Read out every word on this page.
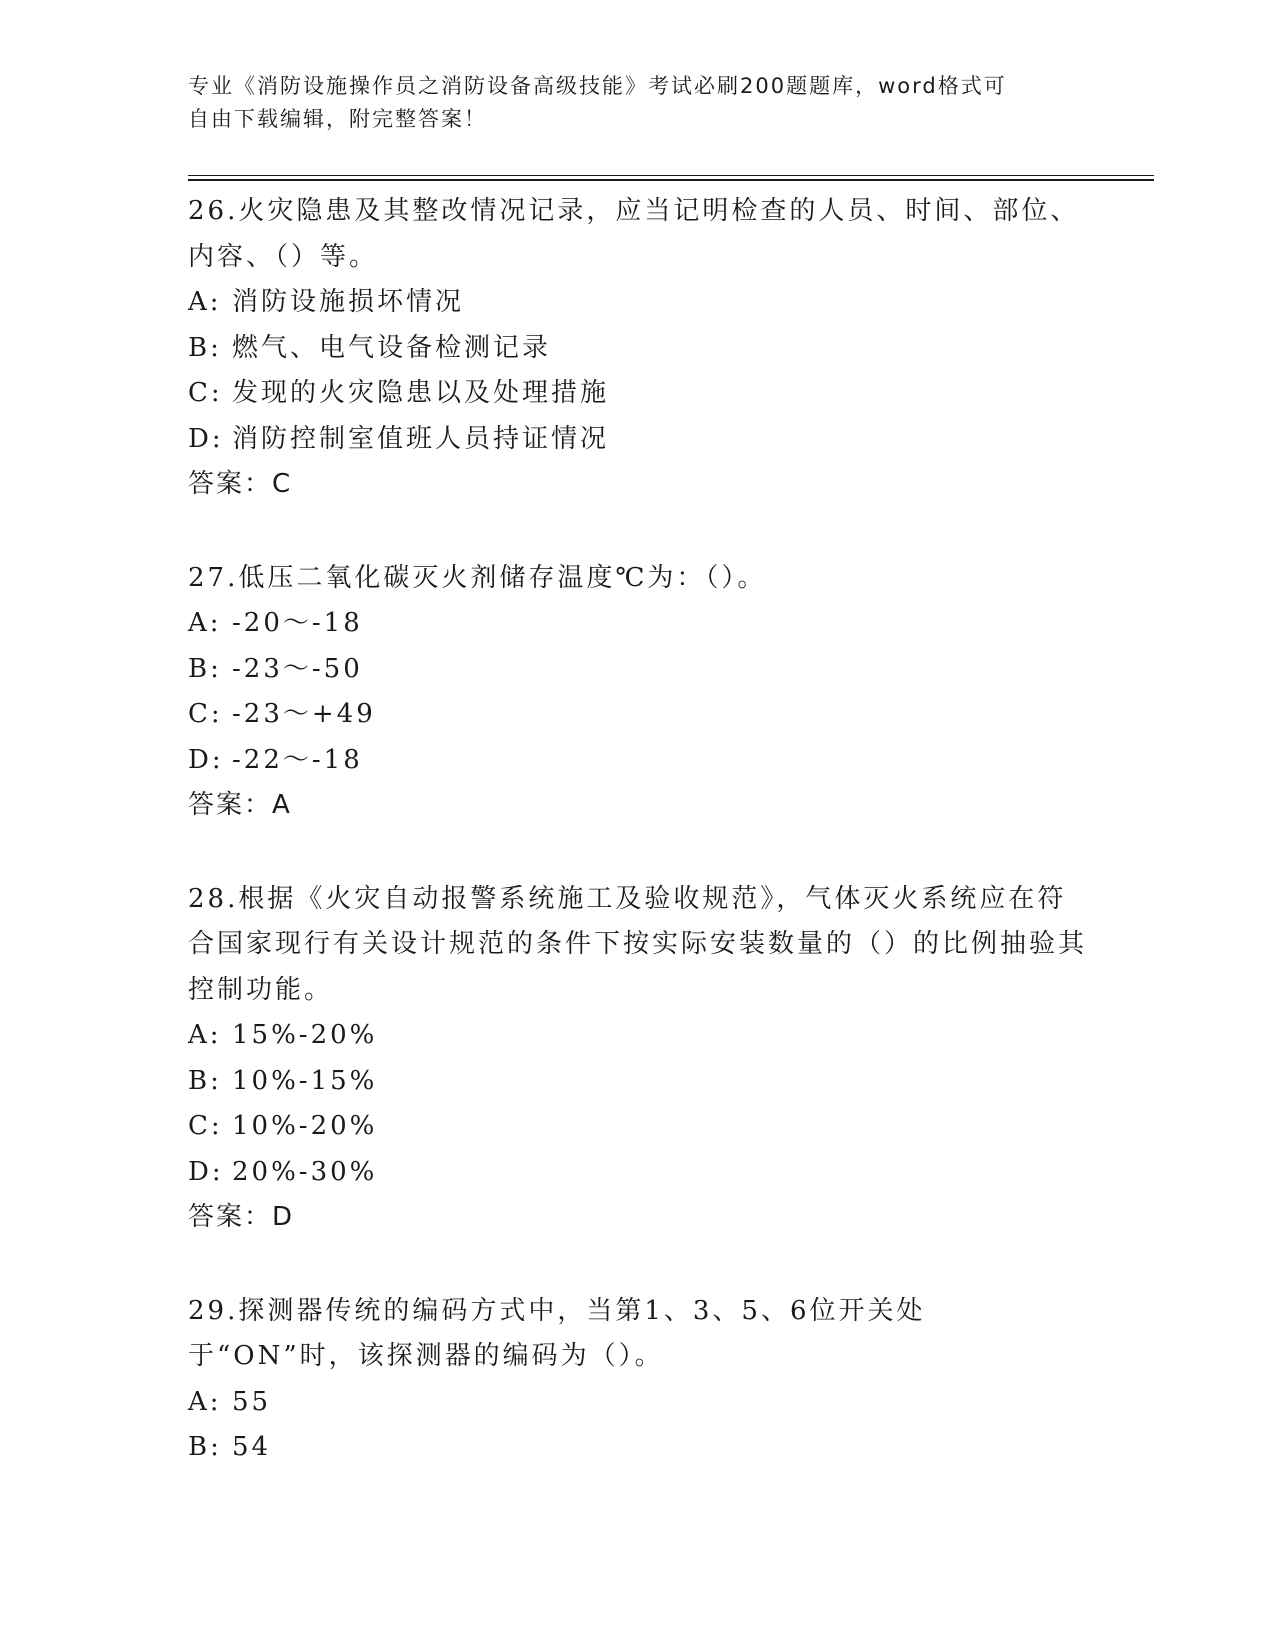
专业《消防设施操作员之消防设备高级技能》考试必刷200题题库，word格式可
自由下载编辑，附完整答案！

26.火灾隐患及其整改情况记录，应当记明检查的人员、时间、部位、内容、（）等。

A: 消防设施损坏情况
B: 燃气、电气设备检测记录
C: 发现的火灾隐患以及处理措施
D: 消防控制室值班人员持证情况
答案：C

27.低压二氧化碳灭火剂储存温度℃为：（）。

A: -20～-18
B: -23～-50
C: -23～+49
D: -22～-18
答案：A

28.根据《火灾自动报警系统施工及验收规范》，气体灭火系统应在符合国家现行有关设计规范的条件下按实际安装数量的（）的比例抽验其控制功能。

A: 15%-20%
B: 10%-15%
C: 10%-20%
D: 20%-30%
答案：D

29.探测器传统的编码方式中，当第1、3、5、6位开关处于“ON”时，该探测器的编码为（）。

A: 55
B: 54
